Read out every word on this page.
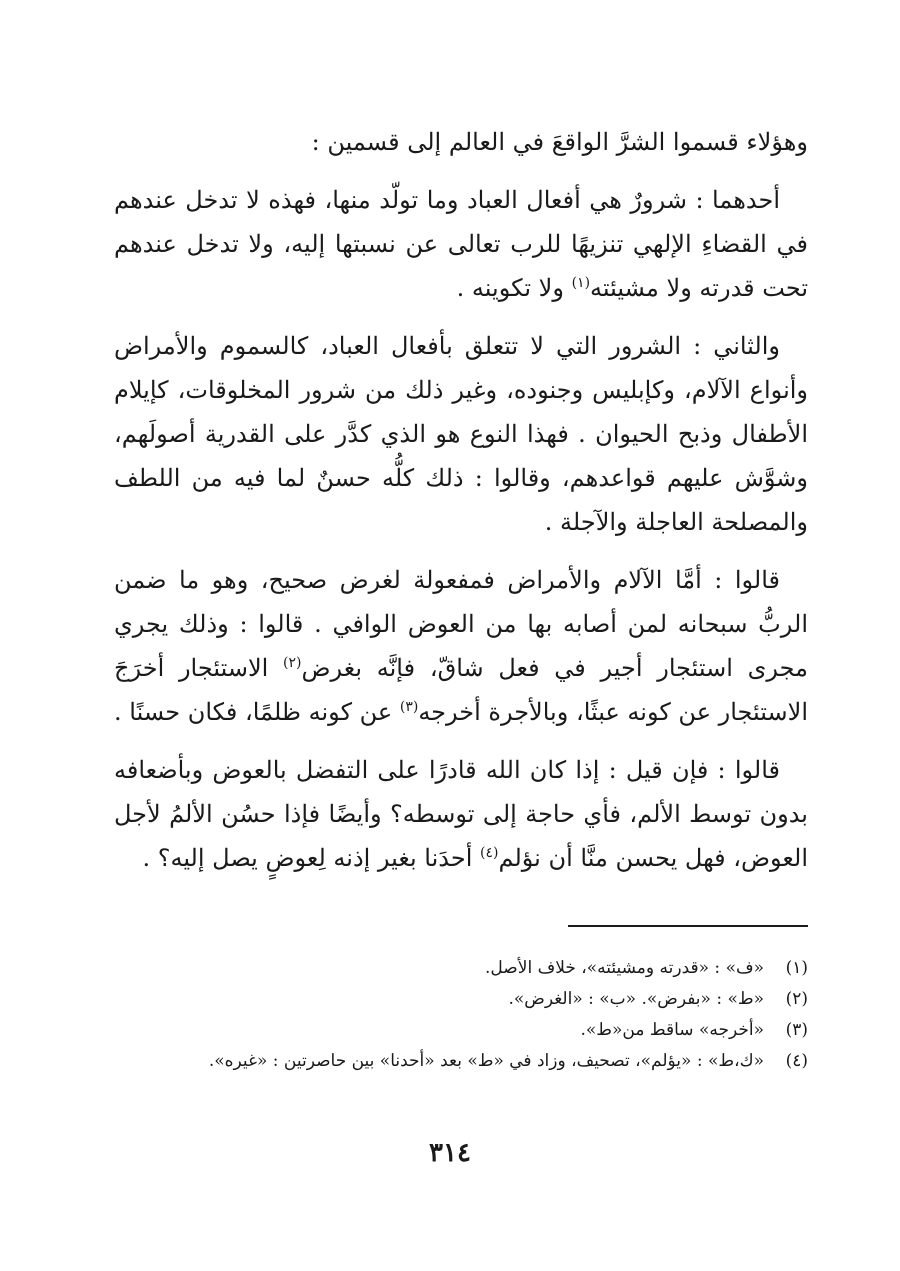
وهؤلاء قسموا الشرَّ الواقعَ في العالم إلى قسمين :

أحدهما : شرورٌ هي أفعال العباد وما تولّد منها، فهذه لا تدخل عندهم في القضاءِ الإلهي تنزيهًا للرب تعالى عن نسبتها إليه، ولا تدخل عندهم تحت قدرته ولا مشيئته$^{(١)}$ ولا تكوينه .

والثاني : الشرور التي لا تتعلق بأفعال العباد، كالسموم والأمراض وأنواع الآلام، وكإبليس وجنوده، وغير ذلك من شرور المخلوقات، كإيلام الأطفال وذبح الحيوان . فهذا النوع هو الذي كدَّر على القدرية أصولَهم، وشوَّش عليهم قواعدهم، وقالوا : ذلك كلُّه حسنٌ لما فيه من اللطف والمصلحة العاجلة والآجلة .

قالوا : أمَّا الآلام والأمراض فمفعولة لغرض صحيح، وهو ما ضمن الربُّ سبحانه لمن أصابه بها من العوض الوافي . قالوا : وذلك يجري مجرى استئجار أجير في فعل شاقّ، فإنَّه بغرض$^{(٢)}$ الاستئجار أخرَجَ الاستئجار عن كونه عبثًا، وبالأجرة أخرجه$^{(٣)}$ عن كونه ظلمًا، فكان حسنًا .

قالوا : فإن قيل : إذا كان الله قادرًا على التفضل بالعوض وبأضعافه بدون توسط الألم، فأي حاجة إلى توسطه؟ وأيضًا فإذا حسُن الألمُ لأجل العوض، فهل يحسن منَّا أن نؤلم$^{(٤)}$ أحدَنا بغير إذنه لِعوضٍ يصل إليه؟ .

(١)
«ف» : «قدرته ومشيئته»، خلاف الأصل.
(٢)
«ط» : «بفرض». «ب» : «الغرض».
(٣)
«أخرجه» ساقط من«ط».
(٤)
«ك،ط» : «يؤلم»، تصحيف، وزاد في «ط» بعد «أحدنا» بين حاصرتين : «غيره».
٣١٤
